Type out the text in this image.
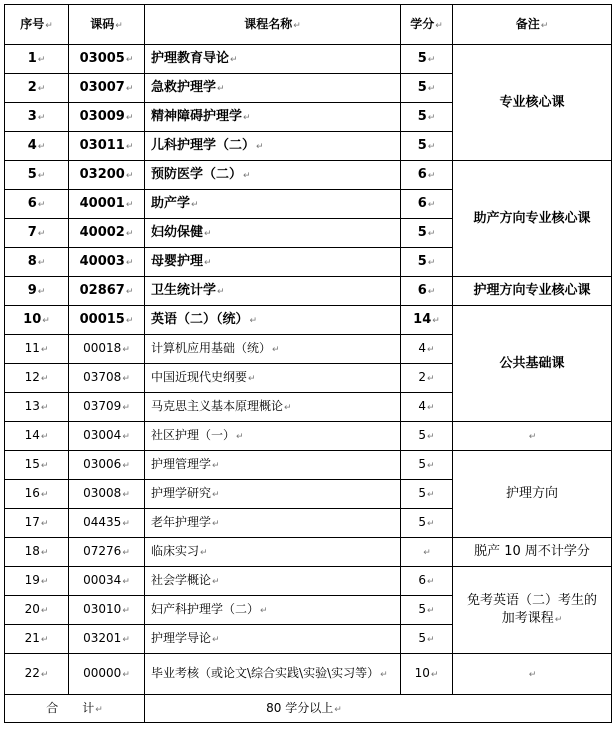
序号↵	课码↵	课程名称↵	学分↵	备注↵
1↵	03005↵	护理教育导论↵	5↵	专业核心课
2↵	03007↵	急救护理学↵	5↵	
3↵	03009↵	精神障碍护理学↵	5↵	
4↵	03011↵	儿科护理学（二）↵	5↵	
5↵	03200↵	预防医学（二）↵	6↵	助产方向专业核心课
6↵	40001↵	助产学↵	6↵	
7↵	40002↵	妇幼保健↵	5↵	
8↵	40003↵	母婴护理↵	5↵	
9↵	02867↵	卫生统计学↵	6↵	护理方向专业核心课
10↵	00015↵	英语（二）（统）↵	14↵	公共基础课
11↵	00018↵	计算机应用基础（统）↵	4↵	
12↵	03708↵	中国近现代史纲要↵	2↵	
13↵	03709↵	马克思主义基本原理概论↵	4↵	
14↵	03004↵	社区护理（一）↵	5↵	↵
15↵	03006↵	护理管理学↵	5↵	护理方向
16↵	03008↵	护理学研究↵	5↵	
17↵	04435↵	老年护理学↵	5↵	
18↵	07276↵	临床实习↵	↵	脱产 10 周不计学分
19↵	00034↵	社会学概论↵	6↵	免考英语（二）考生的加考课程↵
20↵	03010↵	妇产科护理学（二）↵	5↵	
21↵	03201↵	护理学导论↵	5↵	
22↵	00000↵	毕业考核（或论文\综合实践\实验\实习等）↵	10↵	↵
合　　计↵		80 学分以上↵		
